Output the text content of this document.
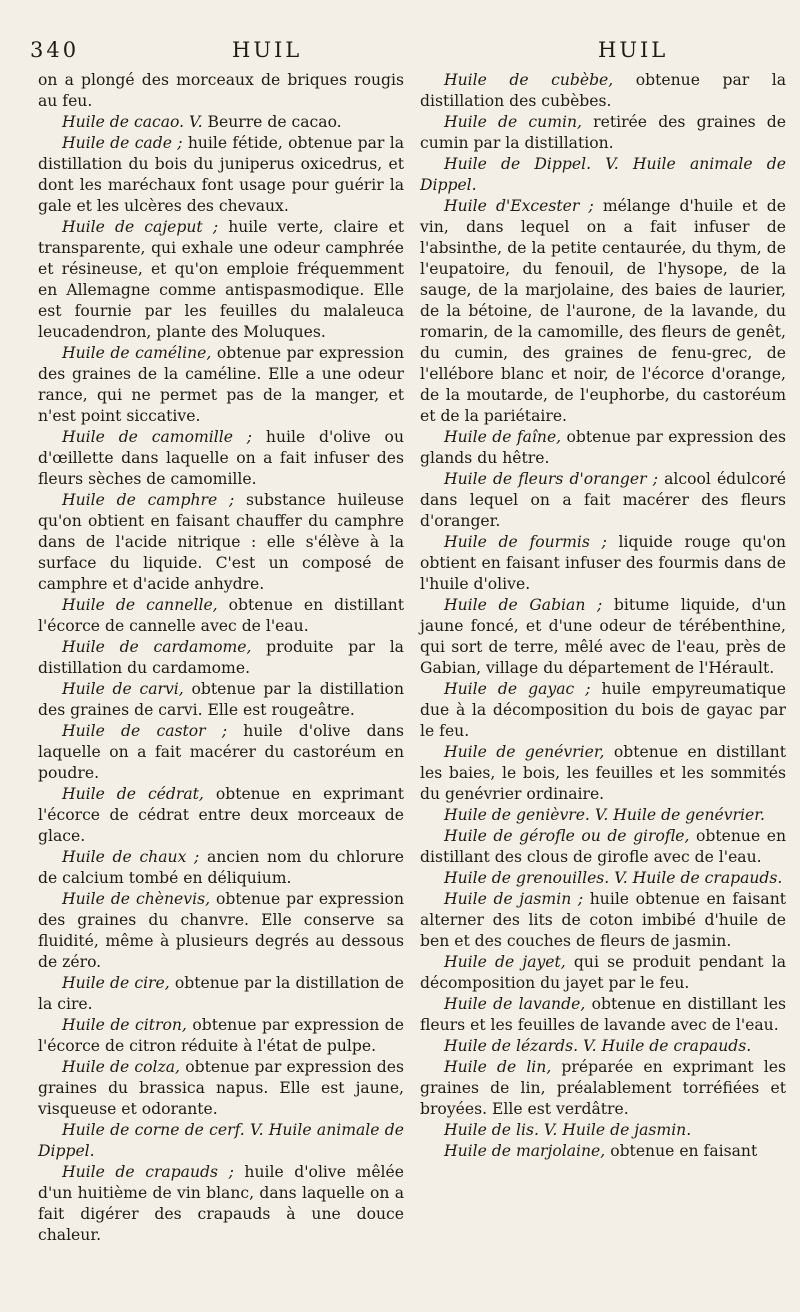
340	HUIL	HUIL

on a plongé des morceaux de briques rougis au feu.

Huile de cacao. V. Beurre de cacao.

Huile de cade ; huile fétide, obtenue par la distillation du bois du juniperus oxicedrus, et dont les maréchaux font usage pour guérir la gale et les ulcères des chevaux.

Huile de cajeput ; huile verte, claire et transparente, qui exhale une odeur camphrée et résineuse, et qu'on emploie fréquemment en Allemagne comme antispasmodique. Elle est fournie par les feuilles du malaleuca leucadendron, plante des Moluques.

Huile de caméline, obtenue par expression des graines de la caméline. Elle a une odeur rance, qui ne permet pas de la manger, et n'est point siccative.

Huile de camomille ; huile d'olive ou d'œillette dans laquelle on a fait infuser des fleurs sèches de camomille.

Huile de camphre ; substance huileuse qu'on obtient en faisant chauffer du camphre dans de l'acide nitrique : elle s'élève à la surface du liquide. C'est un composé de camphre et d'acide anhydre.

Huile de cannelle, obtenue en distillant l'écorce de cannelle avec de l'eau.

Huile de cardamome, produite par la distillation du cardamome.

Huile de carvi, obtenue par la distillation des graines de carvi. Elle est rougeâtre.

Huile de castor ; huile d'olive dans laquelle on a fait macérer du castoréum en poudre.

Huile de cédrat, obtenue en exprimant l'écorce de cédrat entre deux morceaux de glace.

Huile de chaux ; ancien nom du chlorure de calcium tombé en déliquium.

Huile de chènevis, obtenue par expression des graines du chanvre. Elle conserve sa fluidité, même à plusieurs degrés au dessous de zéro.

Huile de cire, obtenue par la distillation de la cire.

Huile de citron, obtenue par expression de l'écorce de citron réduite à l'état de pulpe.

Huile de colza, obtenue par expression des graines du brassica napus. Elle est jaune, visqueuse et odorante.

Huile de corne de cerf. V. Huile animale de Dippel.

Huile de crapauds ; huile d'olive mêlée d'un huitième de vin blanc, dans laquelle on a fait digérer des crapauds à une douce chaleur.

Huile de cubèbe, obtenue par la distillation des cubèbes.

Huile de cumin, retirée des graines de cumin par la distillation.

Huile de Dippel. V. Huile animale de Dippel.

Huile d'Excester ; mélange d'huile et de vin, dans lequel on a fait infuser de l'absinthe, de la petite centaurée, du thym, de l'eupatoire, du fenouil, de l'hysope, de la sauge, de la marjolaine, des baies de laurier, de la bétoine, de l'aurone, de la lavande, du romarin, de la camomille, des fleurs de genêt, du cumin, des graines de fenu-grec, de l'ellébore blanc et noir, de l'écorce d'orange, de la moutarde, de l'euphorbe, du castoréum et de la pariétaire.

Huile de faîne, obtenue par expression des glands du hêtre.

Huile de fleurs d'oranger ; alcool édulcoré dans lequel on a fait macérer des fleurs d'oranger.

Huile de fourmis ; liquide rouge qu'on obtient en faisant infuser des fourmis dans de l'huile d'olive.

Huile de Gabian ; bitume liquide, d'un jaune foncé, et d'une odeur de térébenthine, qui sort de terre, mêlé avec de l'eau, près de Gabian, village du département de l'Hérault.

Huile de gayac ; huile empyreumatique due à la décomposition du bois de gayac par le feu.

Huile de genévrier, obtenue en distillant les baies, le bois, les feuilles et les sommités du genévrier ordinaire.

Huile de genièvre. V. Huile de genévrier.

Huile de gérofle ou de girofle, obtenue en distillant des clous de girofle avec de l'eau.

Huile de grenouilles. V. Huile de crapauds.

Huile de jasmin ; huile obtenue en faisant alterner des lits de coton imbibé d'huile de ben et des couches de fleurs de jasmin.

Huile de jayet, qui se produit pendant la décomposition du jayet par le feu.

Huile de lavande, obtenue en distillant les fleurs et les feuilles de lavande avec de l'eau.

Huile de lézards. V. Huile de crapauds.

Huile de lin, préparée en exprimant les graines de lin, préalablement torréfiées et broyées. Elle est verdâtre.

Huile de lis. V. Huile de jasmin.

Huile de marjolaine, obtenue en faisant
